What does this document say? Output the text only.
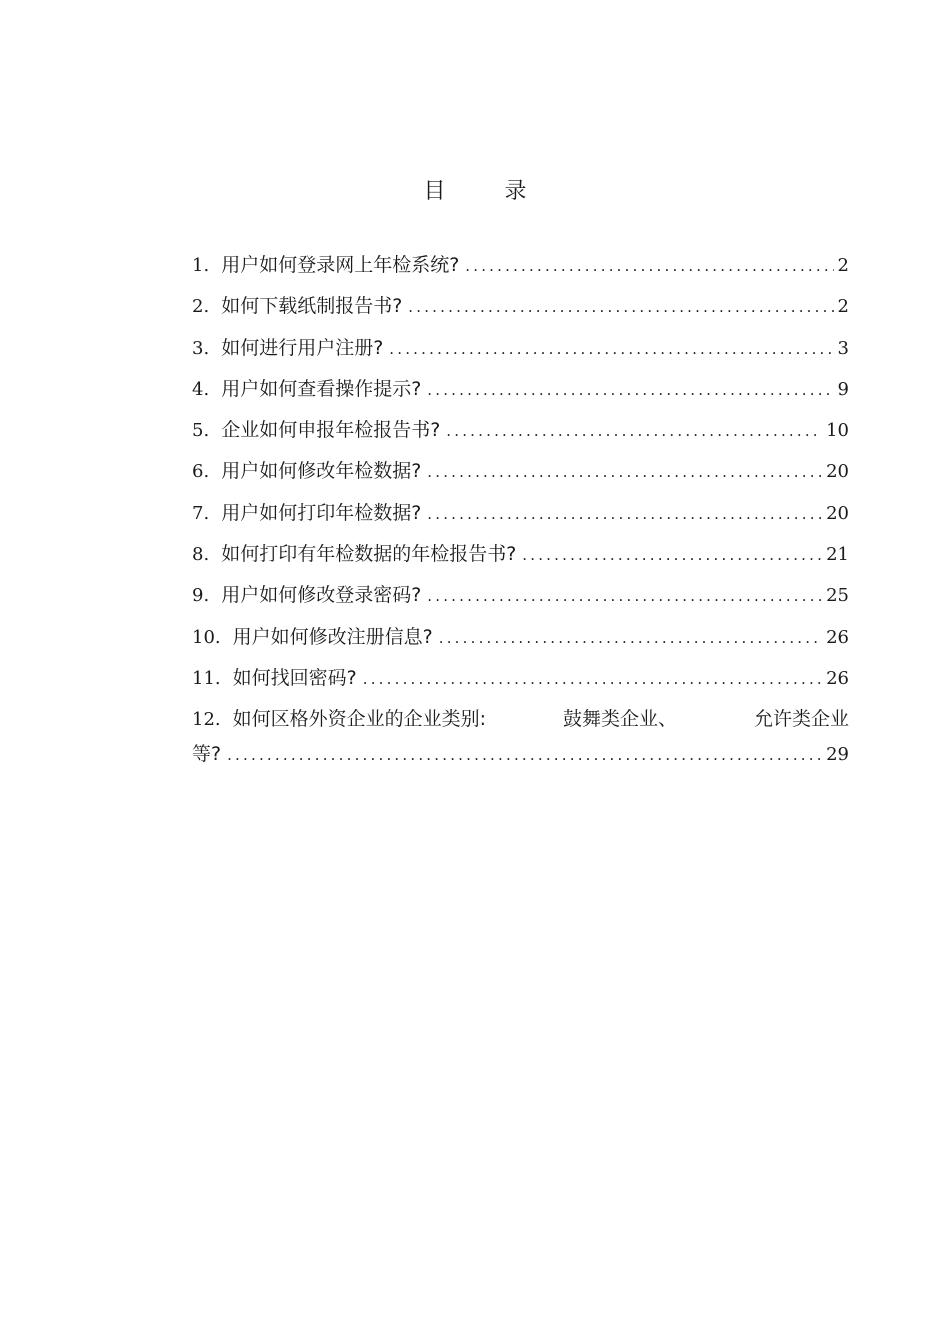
目 录
1. 用户如何登录网上年检系统? .....	2
2. 如何下载纸制报告书? .....	2
3. 如何进行用户注册? .....	3
4. 用户如何查看操作提示? .....	9
5. 企业如何申报年检报告书? .....	10
6. 用户如何修改年检数据? .....	20
7. 用户如何打印年检数据? .....	20
8. 如何打印有年检数据的年检报告书? .....	21
9. 用户如何修改登录密码? .....	25
10. 用户如何修改注册信息? .....	26
11. 如何找回密码? .....	26
12. 如何区格外资企业的企业类别:	鼓舞类企业、	允许类企业
等? .....	29
